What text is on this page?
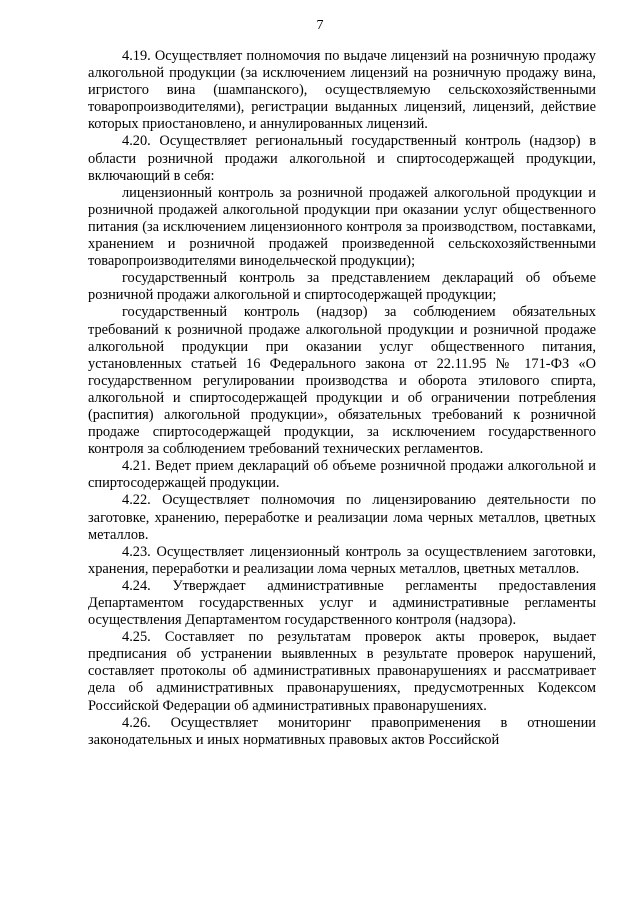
7

4.19. Осуществляет полномочия по выдаче лицензий на розничную продажу алкогольной продукции (за исключением лицензий на розничную продажу вина, игристого вина (шампанского), осуществляемую сельскохозяйственными товаропроизводителями), регистрации выданных лицензий, лицензий, действие которых приостановлено, и аннулированных лицензий.

4.20. Осуществляет региональный государственный контроль (надзор) в области розничной продажи алкогольной и спиртосодержащей продукции, включающий в себя:

лицензионный контроль за розничной продажей алкогольной продукции и розничной продажей алкогольной продукции при оказании услуг общественного питания (за исключением лицензионного контроля за производством, поставками, хранением и розничной продажей произведенной сельскохозяйственными товаропроизводителями винодельческой продукции);

государственный контроль за представлением деклараций об объеме розничной продажи алкогольной и спиртосодержащей продукции;

государственный контроль (надзор) за соблюдением обязательных требований к розничной продаже алкогольной продукции и розничной продаже алкогольной продукции при оказании услуг общественного питания, установленных статьей 16 Федерального закона от 22.11.95 № 171-ФЗ «О государственном регулировании производства и оборота этилового спирта, алкогольной и спиртосодержащей продукции и об ограничении потребления (распития) алкогольной продукции», обязательных требований к розничной продаже спиртосодержащей продукции, за исключением государственного контроля за соблюдением требований технических регламентов.

4.21. Ведет прием деклараций об объеме розничной продажи алкогольной и спиртосодержащей продукции.

4.22. Осуществляет полномочия по лицензированию деятельности по заготовке, хранению, переработке и реализации лома черных металлов, цветных металлов.

4.23. Осуществляет лицензионный контроль за осуществлением заготовки, хранения, переработки и реализации лома черных металлов, цветных металлов.

4.24. Утверждает административные регламенты предоставления Департаментом государственных услуг и административные регламенты осуществления Департаментом государственного контроля (надзора).

4.25. Составляет по результатам проверок акты проверок, выдает предписания об устранении выявленных в результате проверок нарушений, составляет протоколы об административных правонарушениях и рассматривает дела об административных правонарушениях, предусмотренных Кодексом Российской Федерации об административных правонарушениях.

4.26. Осуществляет мониторинг правоприменения в отношении законодательных и иных нормативных правовых актов Российской
